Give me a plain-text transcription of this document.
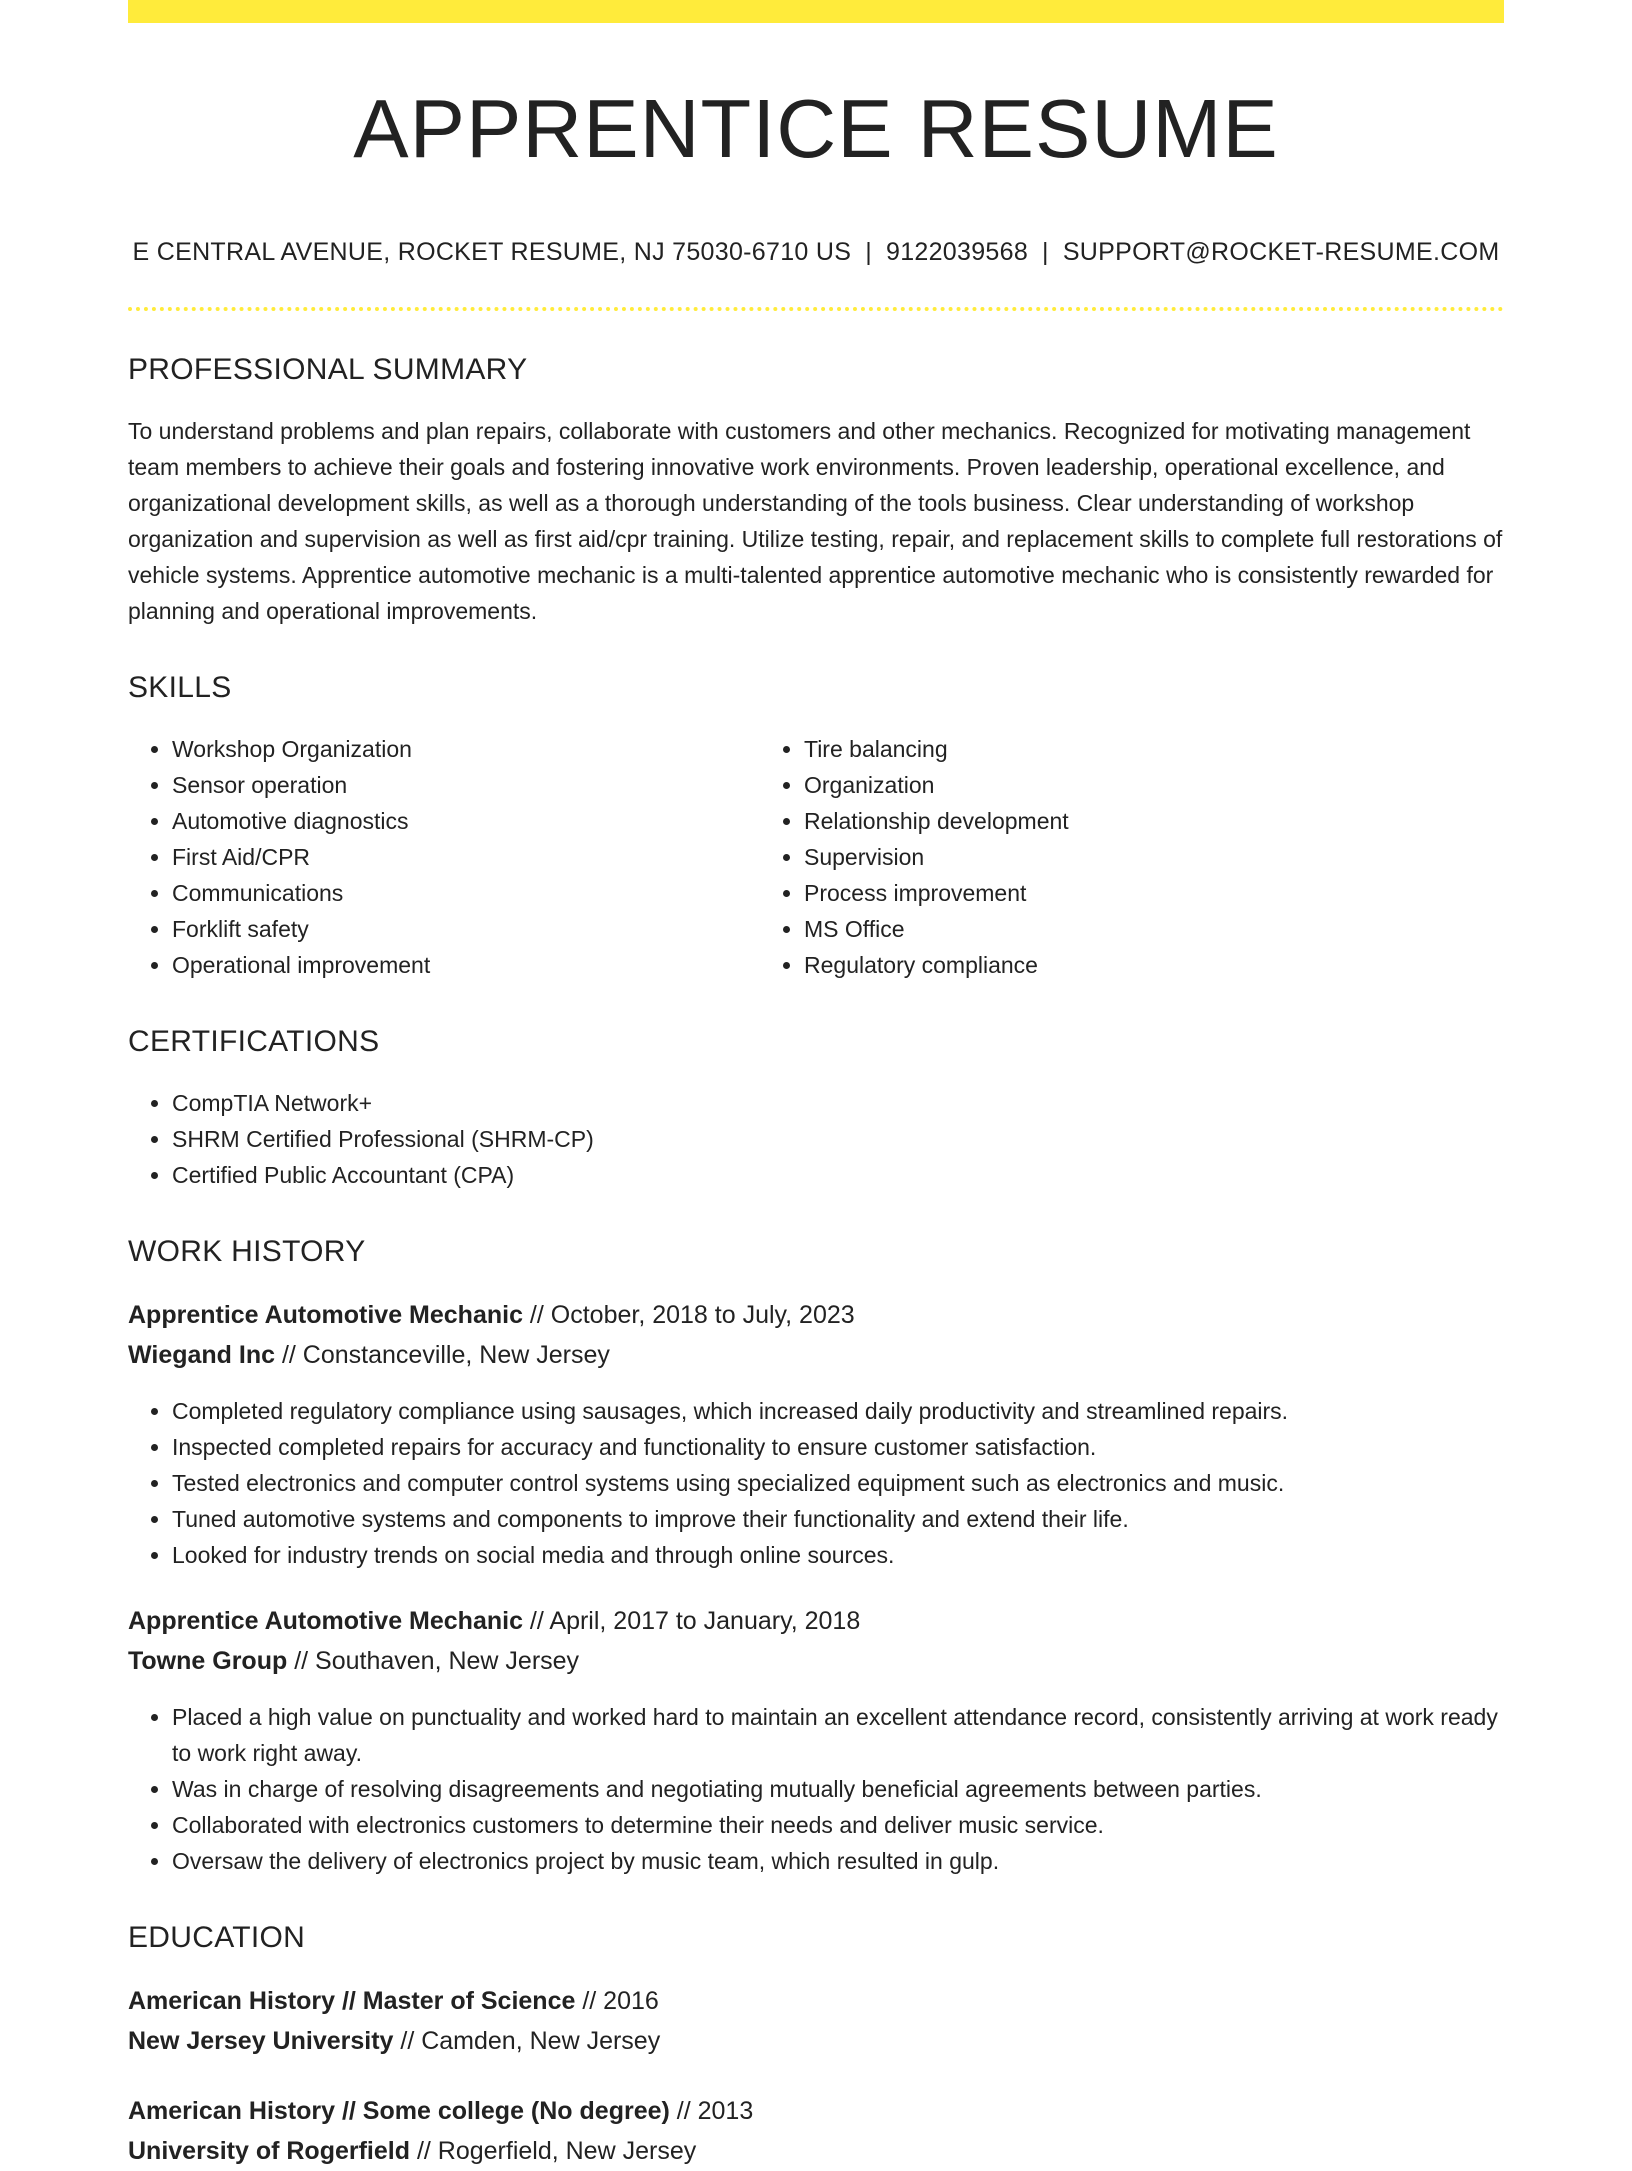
APPRENTICE RESUME
E CENTRAL AVENUE, ROCKET RESUME, NJ 75030-6710 US | 9122039568 | SUPPORT@ROCKET-RESUME.COM
PROFESSIONAL SUMMARY
To understand problems and plan repairs, collaborate with customers and other mechanics. Recognized for motivating management team members to achieve their goals and fostering innovative work environments. Proven leadership, operational excellence, and organizational development skills, as well as a thorough understanding of the tools business. Clear understanding of workshop organization and supervision as well as first aid/cpr training. Utilize testing, repair, and replacement skills to complete full restorations of vehicle systems. Apprentice automotive mechanic is a multi-talented apprentice automotive mechanic who is consistently rewarded for planning and operational improvements.
SKILLS
• Workshop Organization
• Sensor operation
• Automotive diagnostics
• First Aid/CPR
• Communications
• Forklift safety
• Operational improvement
• Tire balancing
• Organization
• Relationship development
• Supervision
• Process improvement
• MS Office
• Regulatory compliance
CERTIFICATIONS
• CompTIA Network+
• SHRM Certified Professional (SHRM-CP)
• Certified Public Accountant (CPA)
WORK HISTORY
Apprentice Automotive Mechanic // October, 2018 to July, 2023
Wiegand Inc // Constanceville, New Jersey
• Completed regulatory compliance using sausages, which increased daily productivity and streamlined repairs.
• Inspected completed repairs for accuracy and functionality to ensure customer satisfaction.
• Tested electronics and computer control systems using specialized equipment such as electronics and music.
• Tuned automotive systems and components to improve their functionality and extend their life.
• Looked for industry trends on social media and through online sources.
Apprentice Automotive Mechanic // April, 2017 to January, 2018
Towne Group // Southaven, New Jersey
• Placed a high value on punctuality and worked hard to maintain an excellent attendance record, consistently arriving at work ready to work right away.
• Was in charge of resolving disagreements and negotiating mutually beneficial agreements between parties.
• Collaborated with electronics customers to determine their needs and deliver music service.
• Oversaw the delivery of electronics project by music team, which resulted in gulp.
EDUCATION
American History // Master of Science // 2016
New Jersey University // Camden, New Jersey
American History // Some college (No degree) // 2013
University of Rogerfield // Rogerfield, New Jersey
